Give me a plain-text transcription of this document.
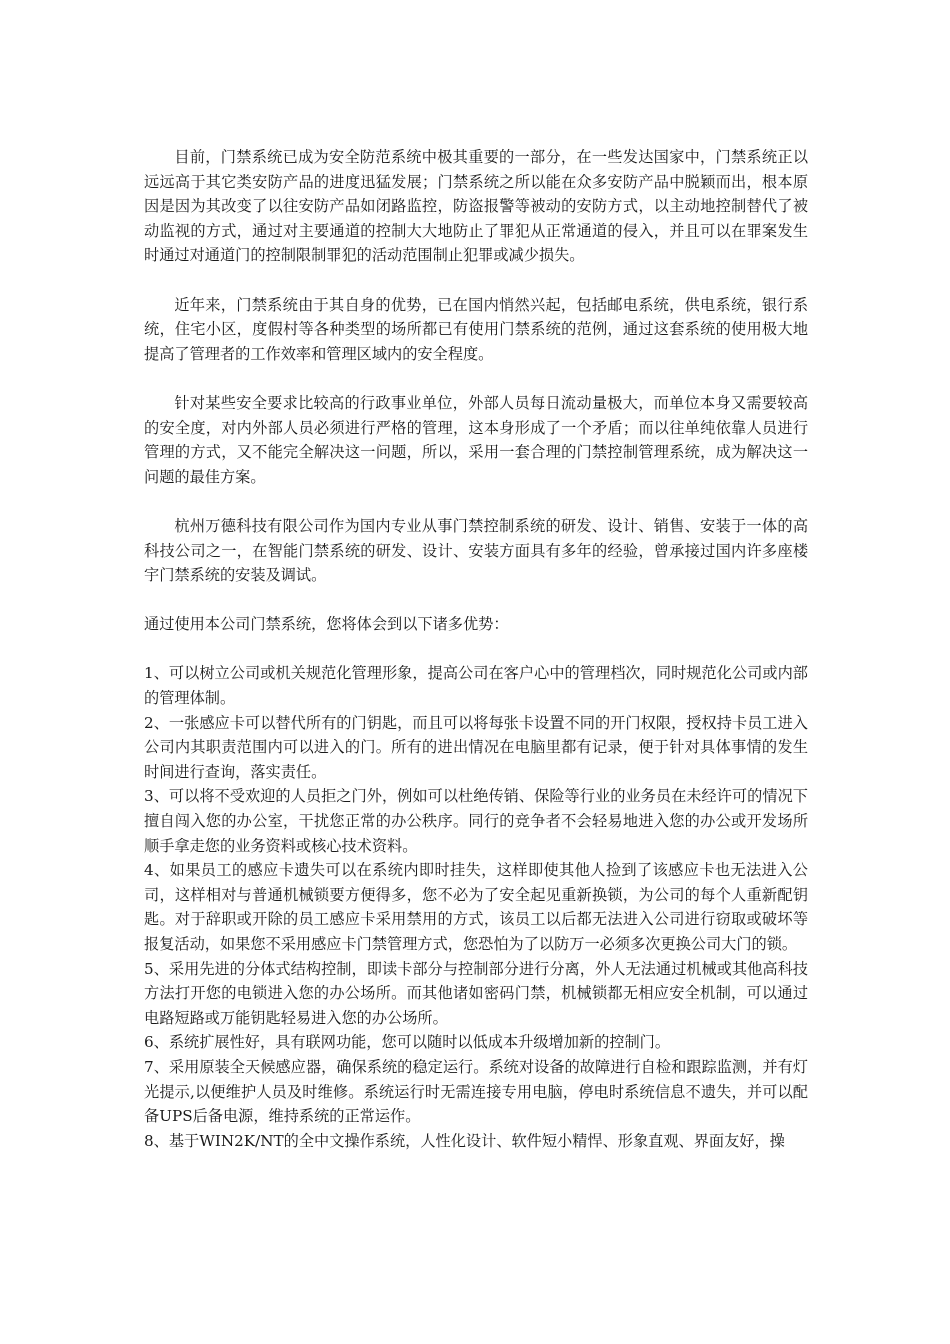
目前，门禁系统已成为安全防范系统中极其重要的一部分，在一些发达国家中，门禁系统正以远远高于其它类安防产品的进度迅猛发展；门禁系统之所以能在众多安防产品中脱颖而出，根本原因是因为其改变了以往安防产品如闭路监控，防盗报警等被动的安防方式，以主动地控制替代了被动监视的方式，通过对主要通道的控制大大地防止了罪犯从正常通道的侵入，并且可以在罪案发生时通过对通道门的控制限制罪犯的活动范围制止犯罪或减少损失。

近年来，门禁系统由于其自身的优势，已在国内悄然兴起，包括邮电系统，供电系统，银行系统，住宅小区，度假村等各种类型的场所都已有使用门禁系统的范例，通过这套系统的使用极大地提高了管理者的工作效率和管理区域内的安全程度。

针对某些安全要求比较高的行政事业单位，外部人员每日流动量极大，而单位本身又需要较高的安全度，对内外部人员必须进行严格的管理，这本身形成了一个矛盾；而以往单纯依靠人员进行管理的方式，又不能完全解决这一问题，所以，采用一套合理的门禁控制管理系统，成为解决这一问题的最佳方案。

杭州万德科技有限公司作为国内专业从事门禁控制系统的研发、设计、销售、安装于一体的高科技公司之一，在智能门禁系统的研发、设计、安装方面具有多年的经验，曾承接过国内许多座楼宇门禁系统的安装及调试。

通过使用本公司门禁系统，您将体会到以下诸多优势：

1、可以树立公司或机关规范化管理形象，提高公司在客户心中的管理档次，同时规范化公司或内部的管理体制。

2、一张感应卡可以替代所有的门钥匙，而且可以将每张卡设置不同的开门权限，授权持卡员工进入公司内其职责范围内可以进入的门。所有的进出情况在电脑里都有记录，便于针对具体事情的发生时间进行查询，落实责任。

3、可以将不受欢迎的人员拒之门外，例如可以杜绝传销、保险等行业的业务员在未经许可的情况下擅自闯入您的办公室，干扰您正常的办公秩序。同行的竞争者不会轻易地进入您的办公或开发场所顺手拿走您的业务资料或核心技术资料。

4、如果员工的感应卡遗失可以在系统内即时挂失，这样即使其他人捡到了该感应卡也无法进入公司，这样相对与普通机械锁要方便得多，您不必为了安全起见重新换锁，为公司的每个人重新配钥匙。对于辞职或开除的员工感应卡采用禁用的方式，该员工以后都无法进入公司进行窃取或破坏等报复活动，如果您不采用感应卡门禁管理方式，您恐怕为了以防万一必须多次更换公司大门的锁。

5、采用先进的分体式结构控制，即读卡部分与控制部分进行分离，外人无法通过机械或其他高科技方法打开您的电锁进入您的办公场所。而其他诸如密码门禁，机械锁都无相应安全机制，可以通过电路短路或万能钥匙轻易进入您的办公场所。

6、系统扩展性好，具有联网功能，您可以随时以低成本升级增加新的控制门。

7、采用原装全天候感应器，确保系统的稳定运行。系统对设备的故障进行自检和跟踪监测，并有灯光提示,以便维护人员及时维修。系统运行时无需连接专用电脑，停电时系统信息不遗失，并可以配备UPS后备电源，维持系统的正常运作。

8、基于WIN2K/NT的全中文操作系统，人性化设计、软件短小精悍、形象直观、界面友好，操
